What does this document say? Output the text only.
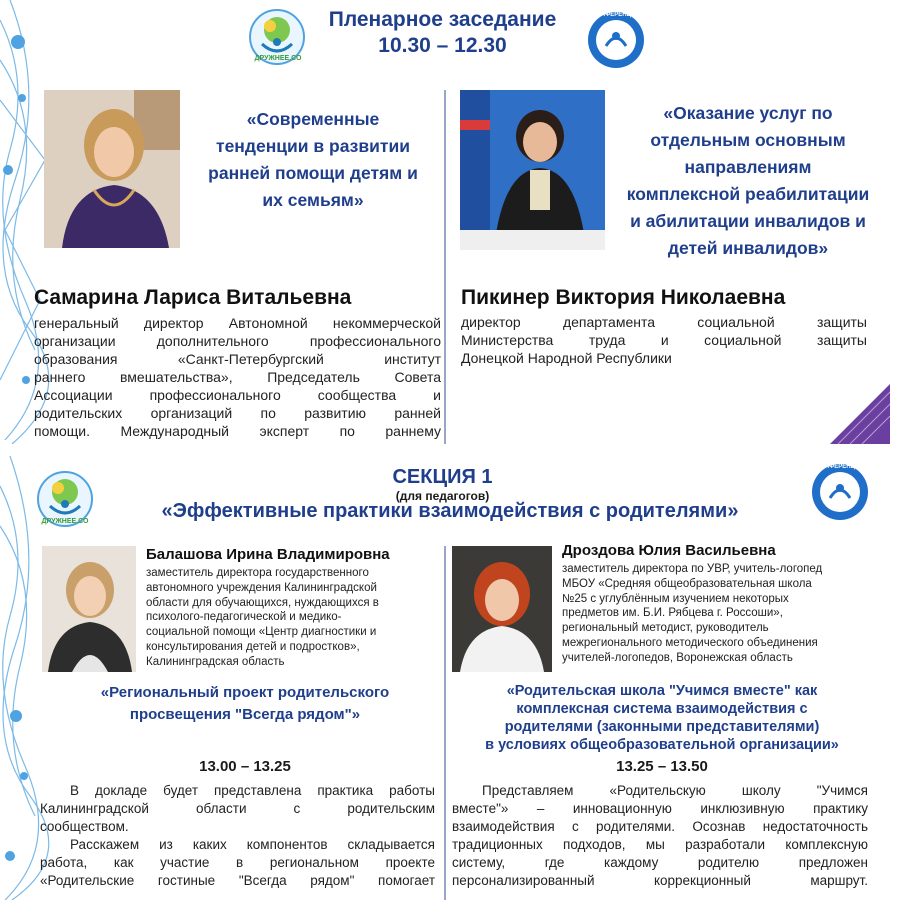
ДРУЖНЕЕ.СО
КОНФЕРЕНЦИЯ
Пленарное заседание
10.30 – 12.30
«Современные
тенденции в развитии
ранней помощи детям и
их семьям»
Самарина Лариса Витальевна
генеральный директор Автономной некоммерческой
организации дополнительного профессионального
образования «Санкт-Петербургский институт
раннего вмешательства», Председатель Совета
Ассоциации профессионального сообщества и
родительских организаций по развитию ранней
помощи. Международный эксперт по раннему
«Оказание услуг по
отдельным основным
направлениям
комплексной реабилитации
и абилитации инвалидов и
детей инвалидов»
Пикинер Виктория Николаевна
директор департамента социальной защиты
Министерства труда и социальной защиты
Донецкой Народной Республики
ДРУЖНЕЕ.СО
КОНФЕРЕНЦИЯ
СЕКЦИЯ 1
(для педагогов)
«Эффективные практики взаимодействия с родителями»
Балашова Ирина Владимировна
заместитель директора государственного
автономного учреждения Калининградской
области для обучающихся, нуждающихся в
психолого-педагогической и медико-
социальной помощи «Центр диагностики и
консультирования детей и подростков»,
Калининградская область
«Региональный проект родительского
просвещения "Всегда рядом"»
13.00 – 13.25
В докладе будет представлена практика работы
Калининградской области с родительским
сообществом.
Расскажем из каких компонентов складывается
работа, как участие в региональном проекте
«Родительские гостиные "Всегда рядом" помогает
Дроздова Юлия Васильевна
заместитель директора по УВР, учитель-логопед
МБОУ «Средняя общеобразовательная школа
№25 с углублённым изучением некоторых
предметов им. Б.И. Рябцева г. Россоши»,
региональный методист, руководитель
межрегионального методического объединения
учителей-логопедов, Воронежская область
«Родительская школа "Учимся вместе" как
комплексная система взаимодействия с
родителями (законными представителями)
в условиях общеобразовательной организации»
13.25 – 13.50
Представляем «Родительскую школу "Учимся
вместе"» – инновационную инклюзивную практику
взаимодействия с родителями. Осознав недостаточность
традиционных подходов, мы разработали комплексную
систему, где каждому родителю предложен
персонализированный коррекционный маршрут.
